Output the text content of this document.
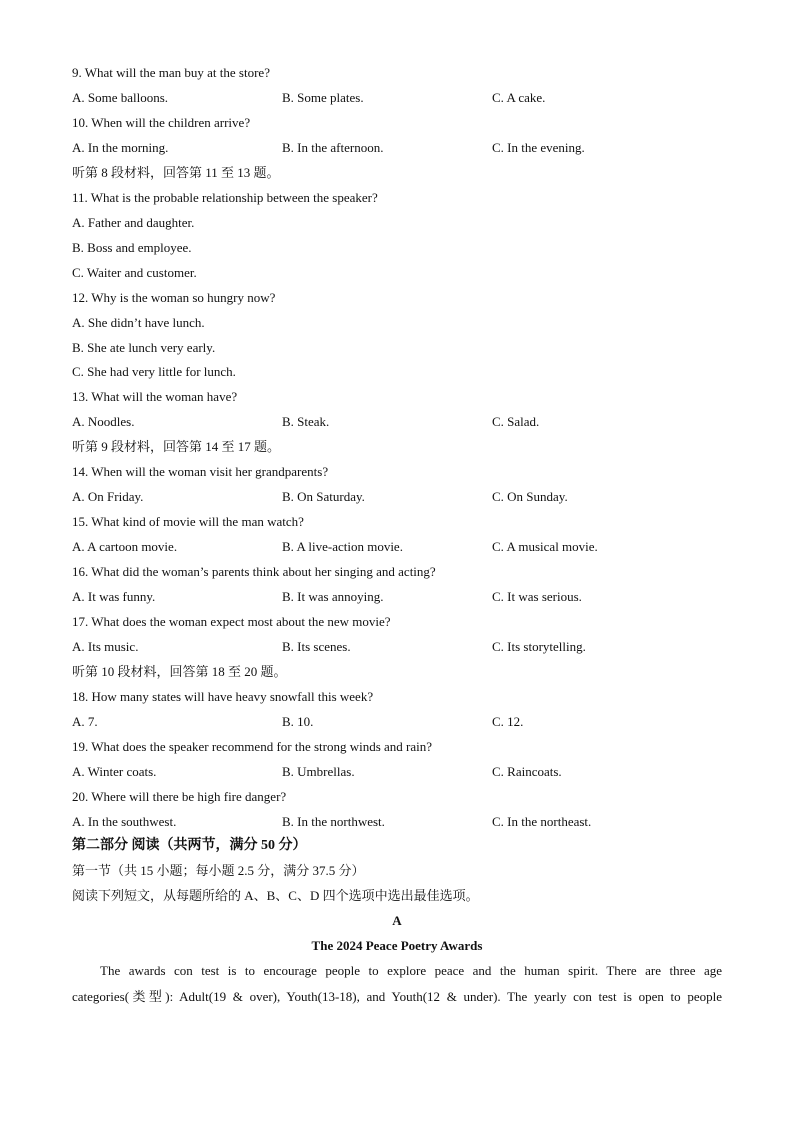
9. What will the man buy at the store?
A. Some balloons.	B. Some plates.	C. A cake.
10. When will the children arrive?
A. In the morning.	B. In the afternoon.	C. In the evening.
听第 8 段材料，回答第 11 至 13 题。
11. What is the probable relationship between the speaker?
A. Father and daughter.
B. Boss and employee.
C. Waiter and customer.
12. Why is the woman so hungry now?
A. She didn’t have lunch.
B. She ate lunch very early.
C. She had very little for lunch.
13. What will the woman have?
A. Noodles.	B. Steak.	C. Salad.
听第 9 段材料，回答第 14 至 17 题。
14. When will the woman visit her grandparents?
A. On Friday.	B. On Saturday.	C. On Sunday.
15. What kind of movie will the man watch?
A. A cartoon movie.	B. A live-action movie.	C. A musical movie.
16. What did the woman’s parents think about her singing and acting?
A. It was funny.	B. It was annoying.	C. It was serious.
17. What does the woman expect most about the new movie?
A. Its music.	B. Its scenes.	C. Its storytelling.
听第 10 段材料，回答第 18 至 20 题。
18. How many states will have heavy snowfall this week?
A. 7.	B. 10.	C. 12.
19. What does the speaker recommend for the strong winds and rain?
A. Winter coats.	B. Umbrellas.	C. Raincoats.
20. Where will there be high fire danger?
A. In the southwest.	B. In the northwest.	C. In the northeast.
第二部分 阅读（共两节，满分 50 分）
第一节（共 15 小题；每小题 2.5 分，满分 37.5 分）
阅读下列短文，从每题所给的 A、B、C、D 四个选项中选出最佳选项。
A
The 2024 Peace Poetry Awards
The awards con test is to encourage people to explore peace and the human spirit. There are three age
categories(类型): Adult(19 & over), Youth(13-18), and Youth(12 & under). The yearly con test is open to people
